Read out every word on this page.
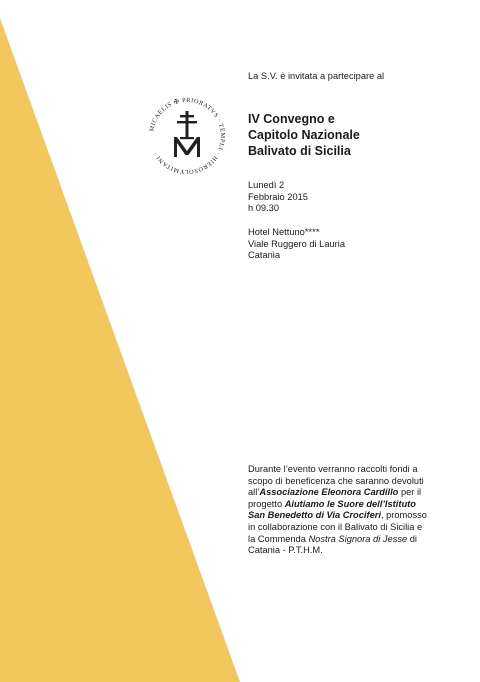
MICAELIS ✠ PRIORATVS · TEMPLI · HIEROSOLYMITANI ·
La S.V. è invitata a partecipare al
IV Convegno e
Capitolo Nazionale
Balivato di Sicilia
Lunedì 2
Febbraio 2015
h 09.30
Hotel Nettuno****
Viale Ruggero di Lauria
Catania
Durante l’evento verranno raccolti fondi a
scopo di beneficenza che saranno devoluti
all’Associazione Eleonora Cardillo per il
progetto Aiutiamo le Suore dell’Istituto
San Benedetto di Via Crociferi, promosso
in collaborazione con il Balivato di Sicilia e
la Commenda Nostra Signora di Jesse di
Catania - P.T.H.M.
